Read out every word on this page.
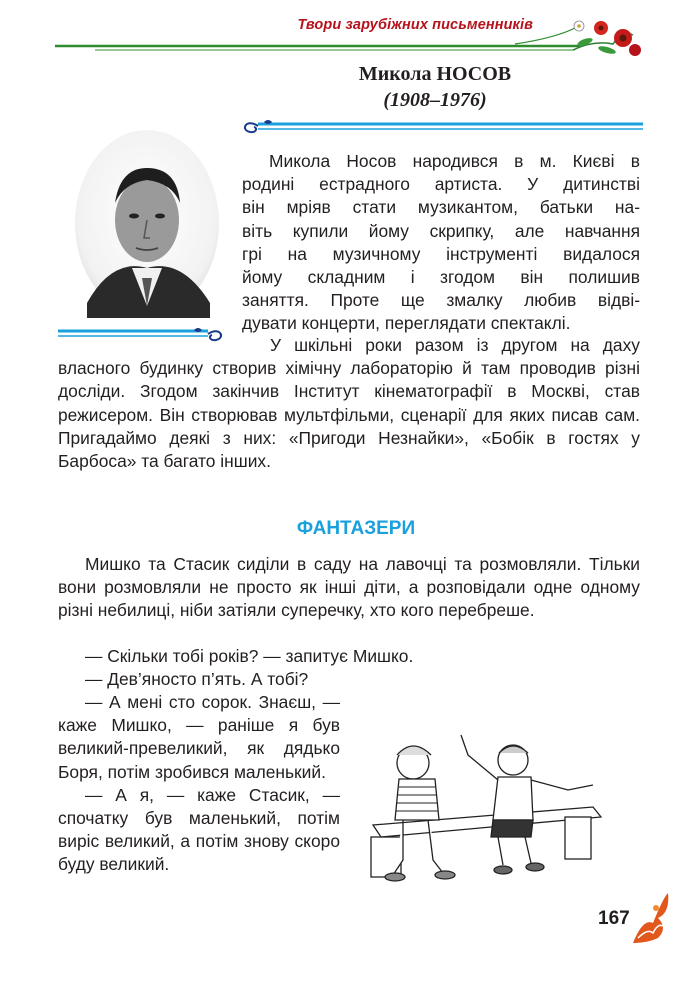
Твори зарубіжних письменників
Микола НОСОВ
(1908–1976)

Микола Носов народився в м. Києві в

родині естрадного артиста. У дитинстві

він мріяв стати музикантом, батьки на-

віть купили йому скрипку, але навчання

грі на музичному інструменті видалося

йому складним і згодом він полишив

заняття. Проте ще змалку любив відві-

дувати концерти, переглядати спектаклі.

У шкільні роки разом із другом на даху власного будинку створив хімічну лабораторію й там проводив різні досліди. Згодом закінчив Інститут кінематографії в Москві, став режисером. Він створював мультфільми, сценарії для яких писав сам. Пригадаймо деякі з них: «Пригоди Незнайки», «Бобік в гостях у Барбоса» та багато інших.

ФАНТАЗЕРИ

Мишко та Стасик сиділи в саду на лавочці та розмовляли. Тільки вони розмовляли не просто як інші діти, а розповідали одне одному різні небилиці, ніби затіяли суперечку, хто кого перебреше.

— Скільки тобі років? — запитує Мишко.

— Дев’яносто п’ять. А тобі?

— А мені сто сорок. Знаєш, — каже Мишко, — раніше я був великий-превеликий, як дядько Боря, потім зробився маленький.

— А я, — каже Стасик, — спочатку був маленький, потім виріс великий, а потім знову скоро буду великий.

167
